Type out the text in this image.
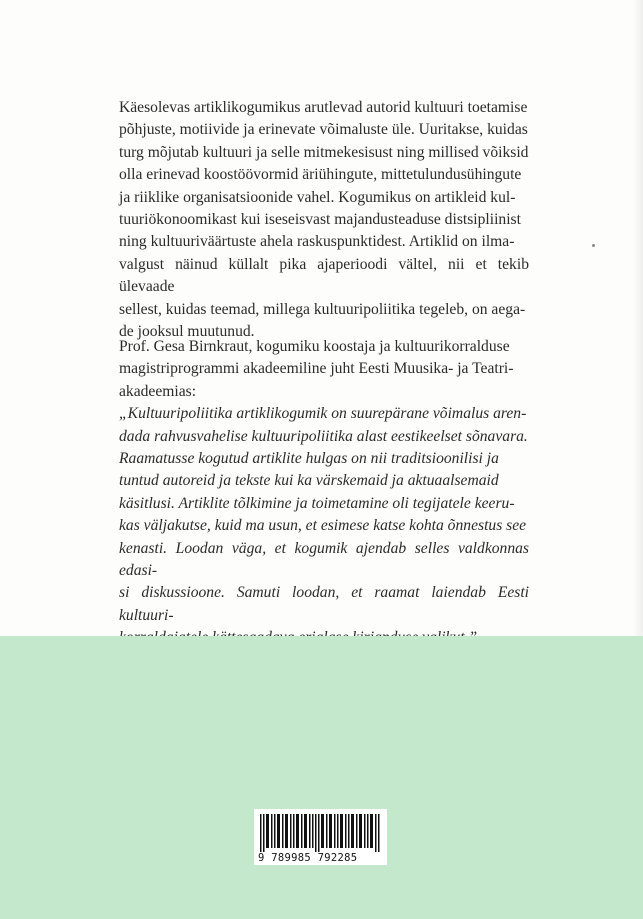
Käesolevas artiklikogumikus arutlevad autorid kultuuri toetamise
põhjuste, motiivide ja erinevate võimaluste üle. Uuritakse, kuidas
turg mõjutab kultuuri ja selle mitmekesisust ning millised võiksid
olla erinevad koostöövormid äriühingute, mittetulundusühingute
ja riiklike organisatsioonide vahel. Kogumikus on artikleid kul-
tuuriökonoomikast kui iseseisvast majandusteaduse distsipliinist
ning kultuuriväärtuste ahela raskuspunktidest. Artiklid on ilma-
valgust näinud küllalt pika ajaperioodi vältel, nii et tekib ülevaade
sellest, kuidas teemad, millega kultuuripoliitika tegeleb, on aega-
de jooksul muutunud.
Prof. Gesa Birnkraut, kogumiku koostaja ja kultuurikorralduse
magistriprogrammi akadeemiline juht Eesti Muusika- ja Teatri-
akadeemias:
„Kultuuripoliitika artiklikogumik on suurepärane võimalus aren-
dada rahvusvahelise kultuuripoliitika alast eestikeelset sõnavara.
Raamatusse kogutud artiklite hulgas on nii traditsioonilisi ja
tuntud autoreid ja tekste kui ka värskemaid ja aktuaalsemaid
käsitlusi. Artiklite tõlkimine ja toimetamine oli tegijatele keeru-
kas väljakutse, kuid ma usun, et esimese katse kohta õnnestus see
kenasti. Loodan väga, et kogumik ajendab selles valdkonnas edasi-
si diskussioone. Samuti loodan, et raamat laiendab Eesti kultuuri-
9 789985 792285
